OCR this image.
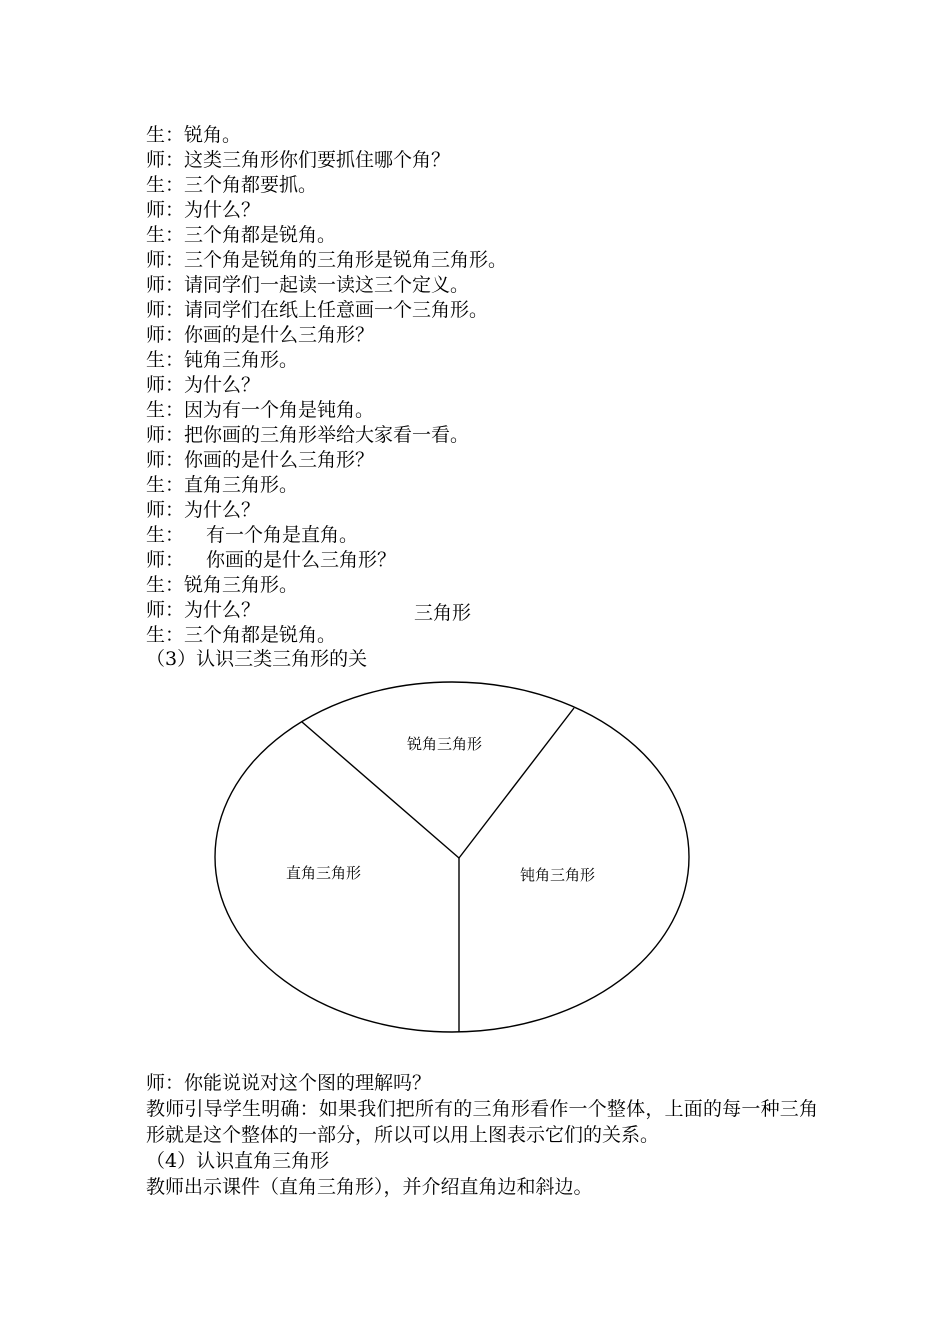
生：锐角。
师：这类三角形你们要抓住哪个角？
生：三个角都要抓。
师：为什么？
生：三个角都是锐角。
师：三个角是锐角的三角形是锐角三角形。
师：请同学们一起读一读这三个定义。
师：请同学们在纸上任意画一个三角形。
师：你画的是什么三角形？
生：钝角三角形。
师：为什么？
生：因为有一个角是钝角。
师：把你画的三角形举给大家看一看。
师：你画的是什么三角形？
生：直角三角形。
师：为什么？
生： 有一个角是直角。
师： 你画的是什么三角形？
生：锐角三角形。
师：为什么？
生：三个角都是锐角。
三角形
（3）认识三类三角形的关
锐角三角形
直角三角形	钝角三角形
师：你能说说对这个图的理解吗？
教师引导学生明确：如果我们把所有的三角形看作一个整体，上面的每一种三角形就是这个整体的一部分，所以可以用上图表示它们的关系。
（4）认识直角三角形
教师出示课件（直角三角形），并介绍直角边和斜边。
